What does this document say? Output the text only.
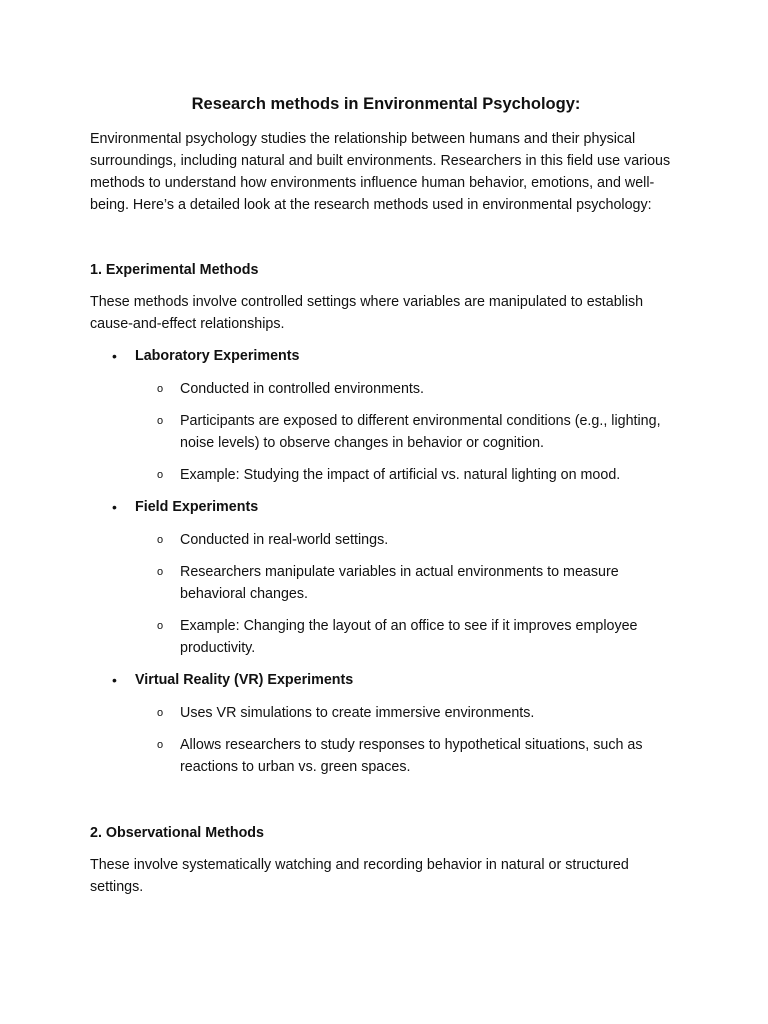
Research methods in Environmental Psychology:

Environmental psychology studies the relationship between humans and their physical surroundings, including natural and built environments. Researchers in this field use various methods to understand how environments influence human behavior, emotions, and well-being. Here’s a detailed look at the research methods used in environmental psychology:

1. Experimental Methods

These methods involve controlled settings where variables are manipulated to establish cause-and-effect relationships.

• Laboratory Experiments
o Conducted in controlled environments.
o Participants are exposed to different environmental conditions (e.g., lighting, noise levels) to observe changes in behavior or cognition.
o Example: Studying the impact of artificial vs. natural lighting on mood.
• Field Experiments
o Conducted in real-world settings.
o Researchers manipulate variables in actual environments to measure behavioral changes.
o Example: Changing the layout of an office to see if it improves employee productivity.
• Virtual Reality (VR) Experiments
o Uses VR simulations to create immersive environments.
o Allows researchers to study responses to hypothetical situations, such as reactions to urban vs. green spaces.
2. Observational Methods

These involve systematically watching and recording behavior in natural or structured settings.
